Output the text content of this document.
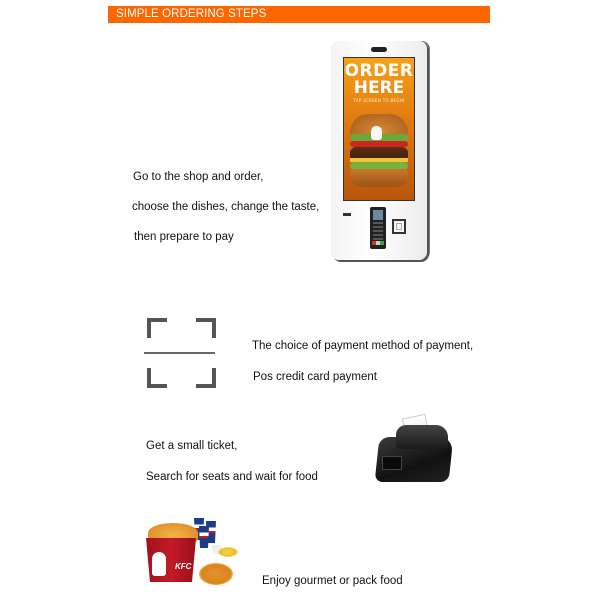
SIMPLE ORDERING STEPS
Go to the shop and order,
choose the dishes, change the taste,
then prepare to pay
ORDER
HERE
TAP SCREEN TO BEGIN
The choice of payment method of payment,
Pos credit card payment
Get a small ticket,
Search for seats and wait for food
KFC
Enjoy gourmet or pack food
